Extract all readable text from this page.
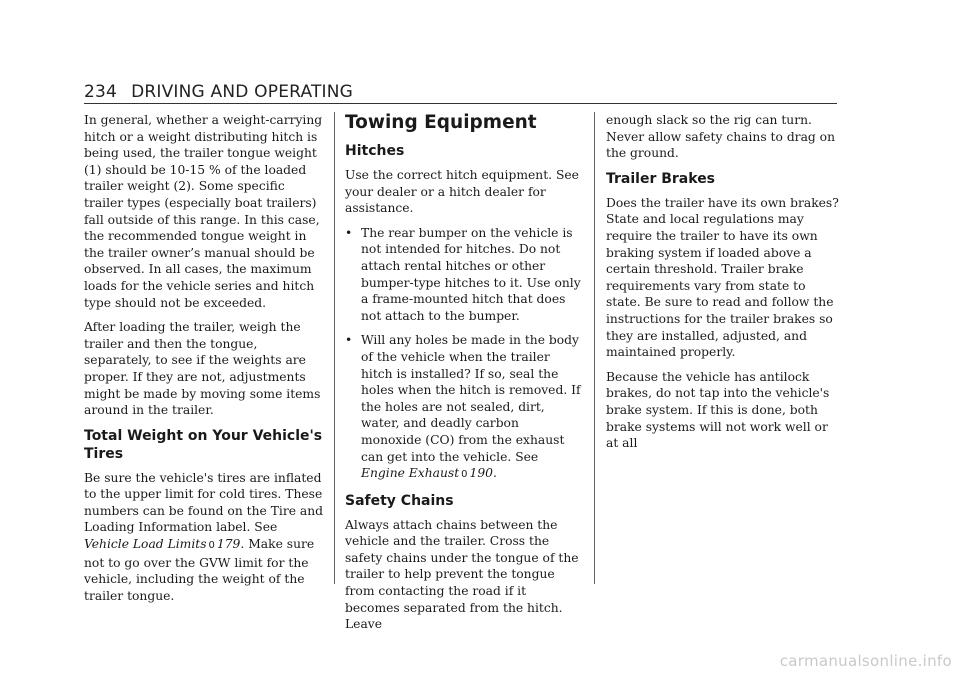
234 DRIVING AND OPERATING

In general, whether a weight-carrying hitch or a weight distributing hitch is being used, the trailer tongue weight (1) should be 10-15 % of the loaded trailer weight (2). Some specific trailer types (especially boat trailers) fall outside of this range. In this case, the recommended tongue weight in the trailer owner’s manual should be observed. In all cases, the maximum loads for the vehicle series and hitch type should not be exceeded.

After loading the trailer, weigh the trailer and then the tongue, separately, to see if the weights are proper. If they are not, adjustments might be made by moving some items around in the trailer.

Total Weight on Your Vehicle's Tires

Be sure the vehicle's tires are inflated to the upper limit for cold tires. These numbers can be found on the Tire and Loading Information label. See Vehicle Load Limits 0 179. Make sure not to go over the GVW limit for the vehicle, including the weight of the trailer tongue.

Towing Equipment
Hitches

Use the correct hitch equipment. See your dealer or a hitch dealer for assistance.

• The rear bumper on the vehicle is not intended for hitches. Do not attach rental hitches or other bumper-type hitches to it. Use only a frame-mounted hitch that does not attach to the bumper.
• Will any holes be made in the body of the vehicle when the trailer hitch is installed? If so, seal the holes when the hitch is removed. If the holes are not sealed, dirt, water, and deadly carbon monoxide (CO) from the exhaust can get into the vehicle. See Engine Exhaust 0 190.
Safety Chains

Always attach chains between the vehicle and the trailer. Cross the safety chains under the tongue of the trailer to help prevent the tongue from contacting the road if it becomes separated from the hitch. Leave

enough slack so the rig can turn. Never allow safety chains to drag on the ground.

Trailer Brakes

Does the trailer have its own brakes? State and local regulations may require the trailer to have its own braking system if loaded above a certain threshold. Trailer brake requirements vary from state to state. Be sure to read and follow the instructions for the trailer brakes so they are installed, adjusted, and maintained properly.

Because the vehicle has antilock brakes, do not tap into the vehicle's brake system. If this is done, both brake systems will not work well or at all

carmanualsonline.info
